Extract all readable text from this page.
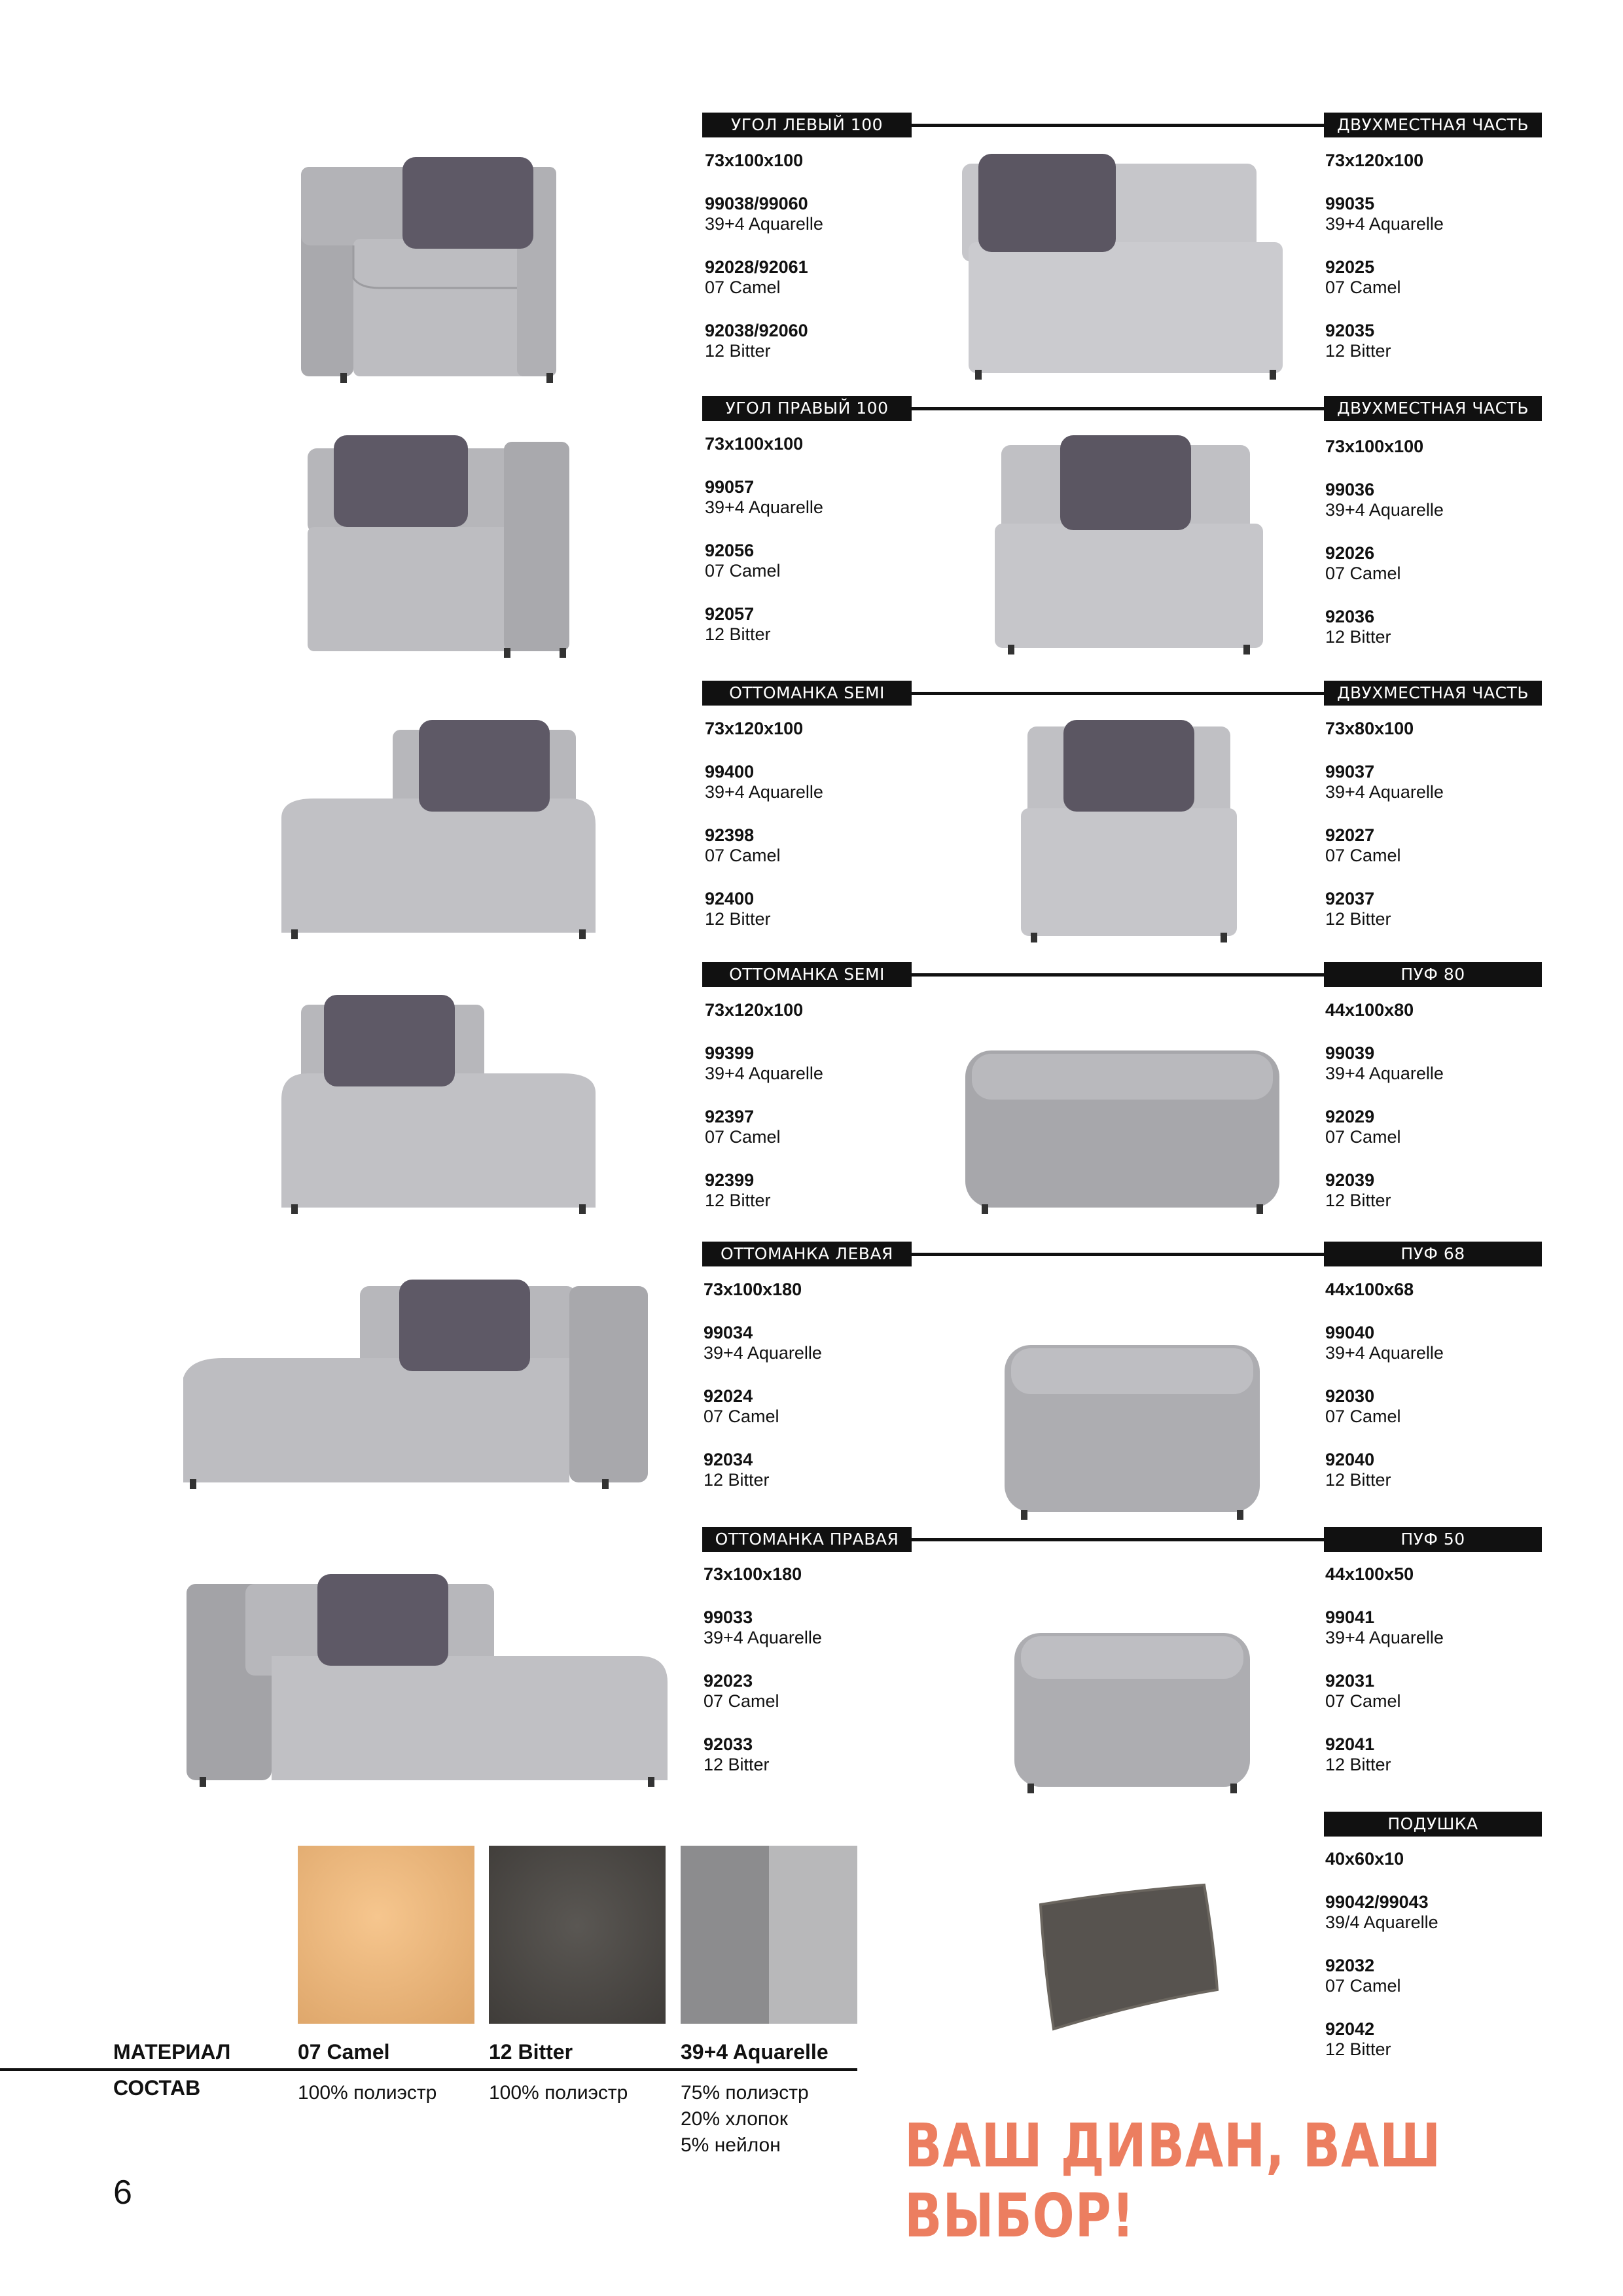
УГОЛ ЛЕВЫЙ 100	ДВУХМЕСТНАЯ ЧАСТЬ 120
73x100x100
99038/99060
39+4 Aquarelle
92028/92061
07 Camel
92038/92060
12 Bitter
73x120x100
99035
39+4 Aquarelle
92025
07 Camel
92035
12 Bitter
УГОЛ ПРАВЫЙ 100	ДВУХМЕСТНАЯ ЧАСТЬ 100
73x100x100
99057
39+4 Aquarelle
92056
07 Camel
92057
12 Bitter
73x100x100
99036
39+4 Aquarelle
92026
07 Camel
92036
12 Bitter
ОТТОМАНКА SEMI ЛЕВАЯ
ДВУХМЕСТНАЯ ЧАСТЬ 80
73x120x100
99400
39+4 Aquarelle
92398
07 Camel
92400
12 Bitter
73x80x100
99037
39+4 Aquarelle
92027
07 Camel
92037
12 Bitter
ОТТОМАНКА SEMI ПРАВАЯ
ПУФ 80
73x120x100
99399
39+4 Aquarelle
92397
07 Camel
92399
12 Bitter
44x100x80
99039
39+4 Aquarelle
92029
07 Camel
92039
12 Bitter
ОТТОМАНКА ЛЕВАЯ	ПУФ 68
73x100x180
99034
39+4 Aquarelle
92024
07 Camel
92034
12 Bitter
44x100x68
99040
39+4 Aquarelle
92030
07 Camel
92040
12 Bitter
ОТТОМАНКА ПРАВАЯ	ПУФ 50
73x100x180
99033
39+4 Aquarelle
92023
07 Camel
92033
12 Bitter
44x100x50
99041
39+4 Aquarelle
92031
07 Camel
92041
12 Bitter
ПОДУШКА
40x60x10
99042/99043
39/4 Aquarelle
92032
07 Camel
92042
12 Bitter
МАТЕРИАЛ	07 Camel	12 Bitter	39+4 Aquarelle
СОСТАВ	100% полиэстр	100% полиэстр	75% полиэстр
20% хлопок
5% нейлон	ВАШ ДИВАН, ВАШ ВЫБОР!
6
